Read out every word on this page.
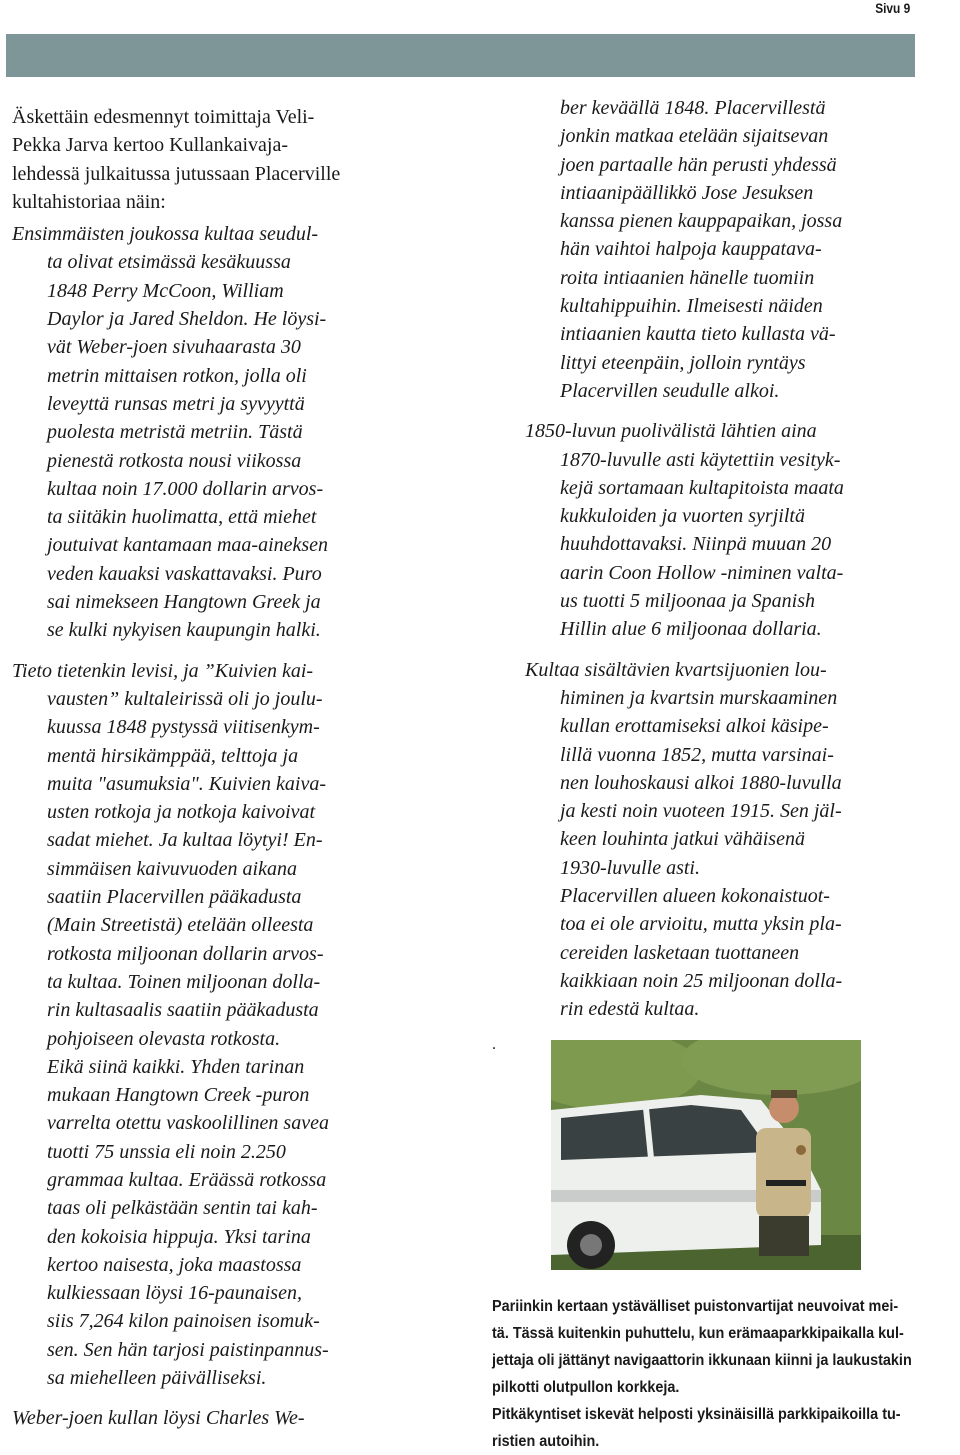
Sivu 9

Äskettäin edesmennyt toimittaja Veli-
Pekka Jarva kertoo Kullankaivaja-
lehdessä julkaitussa jutussaan Placerville
kultahistoriaa näin:

Ensimmäisten joukossa kultaa seudul-
ta olivat etsimässä kesäkuussa
1848 Perry McCoon, William
Daylor ja Jared Sheldon. He löysi-
vät Weber-joen sivuhaarasta 30
metrin mittaisen rotkon, jolla oli
leveyttä runsas metri ja syvyyttä
puolesta metristä metriin. Tästä
pienestä rotkosta nousi viikossa
kultaa noin 17.000 dollarin arvos-
ta siitäkin huolimatta, että miehet
joutuivat kantamaan maa-aineksen
veden kauaksi vaskattavaksi. Puro
sai nimekseen Hangtown Greek ja
se kulki nykyisen kaupungin halki.

Tieto tietenkin levisi, ja ”Kuivien kai-
vausten” kultaleirissä oli jo joulu-
kuussa 1848 pystyssä viitisenkym-
mentä hirsikämppää, telttoja ja
muita "asumuksia". Kuivien kaiva-
usten rotkoja ja notkoja kaivoivat
sadat miehet. Ja kultaa löytyi! En-
simmäisen kaivuvuoden aikana
saatiin Placervillen pääkadusta
(Main Streetistä) etelään olleesta
rotkosta miljoonan dollarin arvos-
ta kultaa. Toinen miljoonan dolla-
rin kultasaalis saatiin pääkadusta
pohjoiseen olevasta rotkosta.
Eikä siinä kaikki. Yhden tarinan
mukaan Hangtown Creek -puron
varrelta otettu vaskoolillinen savea
tuotti 75 unssia eli noin 2.250
grammaa kultaa. Eräässä rotkossa
taas oli pelkästään sentin tai kah-
den kokoisia hippuja. Yksi tarina
kertoo naisesta, joka maastossa
kulkiessaan löysi 16-paunaisen,
siis 7,264 kilon painoisen isomuk-
sen. Sen hän tarjosi paistinpannus-
sa miehelleen päivälliseksi.

Weber-joen kullan löysi Charles We-

ber keväällä 1848. Placervillestä
jonkin matkaa etelään sijaitsevan
joen partaalle hän perusti yhdessä
intiaanipäällikkö Jose Jesuksen
kanssa pienen kauppapaikan, jossa
hän vaihtoi halpoja kauppatava-
roita intiaanien hänelle tuomiin
kultahippuihin. Ilmeisesti näiden
intiaanien kautta tieto kullasta vä-
littyi eteenpäin, jolloin ryntäys
Placervillen seudulle alkoi.

1850-luvun puolivälistä lähtien aina
1870-luvulle asti käytettiin vesityk-
kejä sortamaan kultapitoista maata
kukkuloiden ja vuorten syrjiltä
huuhdottavaksi. Niinpä muuan 20
aarin Coon Hollow -niminen valta-
us tuotti 5 miljoonaa ja Spanish
Hillin alue 6 miljoonaa dollaria.

Kultaa sisältävien kvartsijuonien lou-
himinen ja kvartsin murskaaminen
kullan erottamiseksi alkoi käsipe-
lillä vuonna 1852, mutta varsinai-
nen louhoskausi alkoi 1880-luvulla
ja kesti noin vuoteen 1915. Sen jäl-
keen louhinta jatkui vähäisenä
1930-luvulle asti.
Placervillen alueen kokonaistuot-
toa ei ole arvioitu, mutta yksin pla-
cereiden lasketaan tuottaneen
kaikkiaan noin 25 miljoonan dolla-
rin edestä kultaa.

.
Pariinkin kertaan ystävälliset puistonvartijat neuvoivat mei-
tä. Tässä kuitenkin puhuttelu, kun erämaaparkkipaikalla kul-
jettaja oli jättänyt navigaattorin ikkunaan kiinni ja laukustakin
pilkotti olutpullon korkkeja.
Pitkäkyntiset iskevät helposti yksinäisillä parkkipaikoilla tu-
ristien autoihin.
